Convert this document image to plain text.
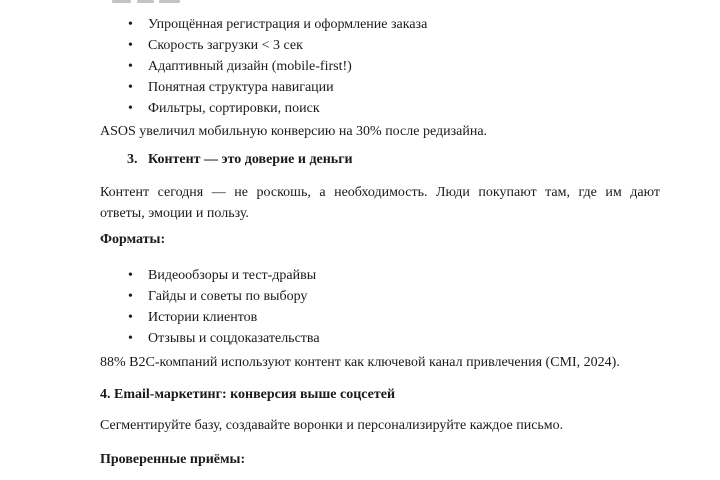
• Упрощённая регистрация и оформление заказа
• Скорость загрузки < 3 сек
• Адаптивный дизайн (mobile-first!)
• Понятная структура навигации
• Фильтры, сортировки, поиск

ASOS увеличил мобильную конверсию на 30% после редизайна.

3. Контент — это доверие и деньги

Контент сегодня — не роскошь, а необходимость. Люди покупают там, где им дают
ответы, эмоции и пользу.

Форматы:

• Видеообзоры и тест-драйвы
• Гайды и советы по выбору
• Истории клиентов
• Отзывы и соцдоказательства

88% B2C-компаний используют контент как ключевой канал привлечения (CMI, 2024).

4. Email-маркетинг: конверсия выше соцсетей

Сегментируйте базу, создавайте воронки и персонализируйте каждое письмо.

Проверенные приёмы:
